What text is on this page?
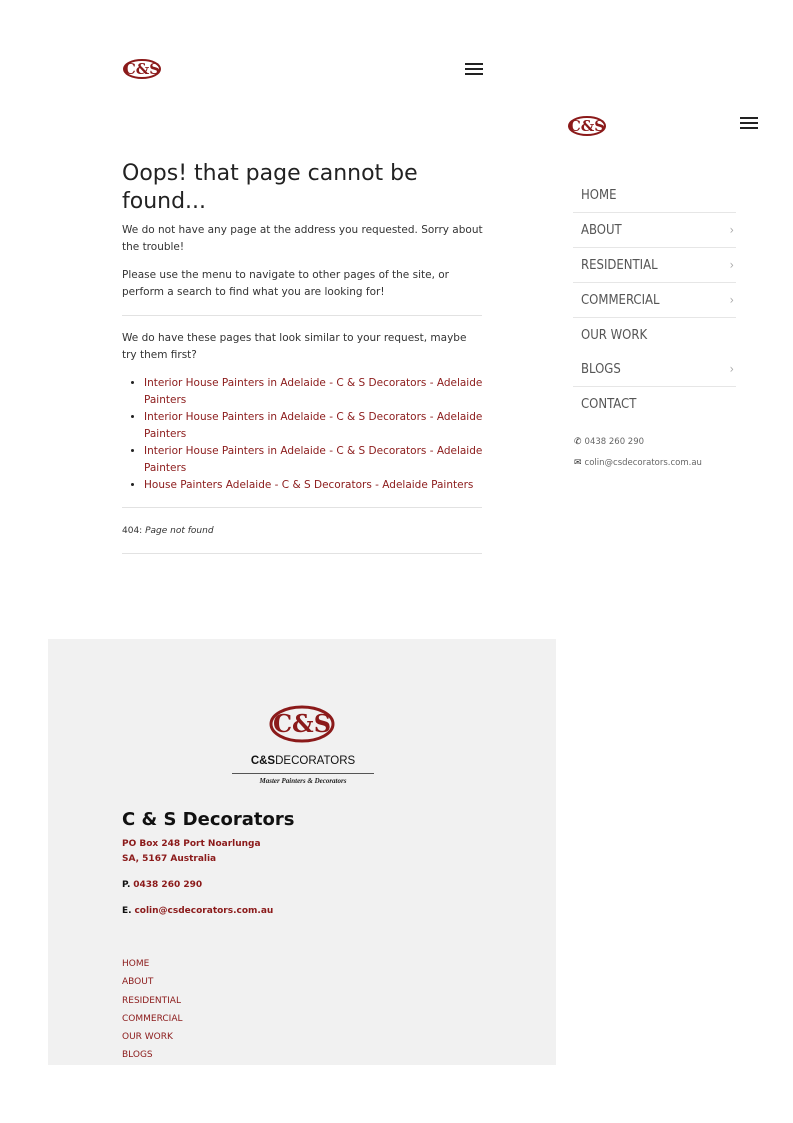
C&S
C&S
Oops! that page cannot be found...

We do not have any page at the address you requested. Sorry about the trouble!

Please use the menu to navigate to other pages of the site, or perform a search to find what you are looking for!

We do have these pages that look similar to your request, maybe try them first?

• Interior House Painters in Adelaide - C & S Decorators - Adelaide Painters
• Interior House Painters in Adelaide - C & S Decorators - Adelaide Painters
• Interior House Painters in Adelaide - C & S Decorators - Adelaide Painters
• House Painters Adelaide - C & S Decorators - Adelaide Painters
404: Page not found
HOME
ABOUT	›
RESIDENTIAL	›
COMMERCIAL	›
OUR WORK
BLOGS	›
CONTACT
✆ 0438 260 290
✉ colin@csdecorators.com.au
C&S
C&SDECORATORS
Master Painters & Decorators
C & S Decorators
PO Box 248 Port Noarlunga
SA, 5167 Australia
P. 0438 260 290
E. colin@csdecorators.com.au
HOME
ABOUT
RESIDENTIAL
COMMERCIAL
OUR WORK
BLOGS
